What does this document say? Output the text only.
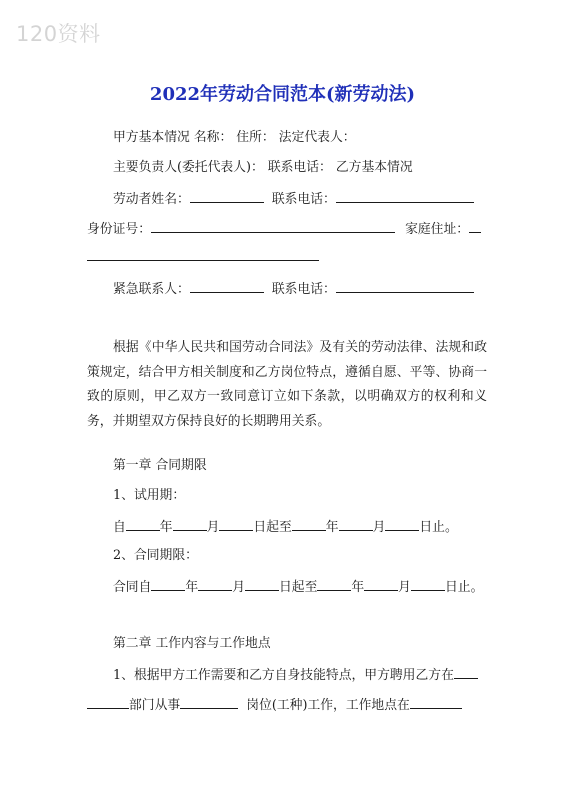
120资料
2022年劳动合同范本(新劳动法)
甲方基本情况 名称： 住所： 法定代表人：
主要负责人(委托代表人)： 联系电话： 乙方基本情况
劳动者姓名：	联系电话：
身份证号：	家庭住址：
紧急联系人：	联系电话：
根据《中华人民共和国劳动合同法》及有关的劳动法律、法规和政策规定，结合甲方相关制度和乙方岗位特点，遵循自愿、平等、协商一致的原则，甲乙双方一致同意订立如下条款，以明确双方的权利和义务，并期望双方保持良好的长期聘用关系。
第一章 合同期限
1、试用期：
自	年	月	日起至	年	月	日止。
2、合同期限：
合同自	年	月	日起至	年	月	日止。
第二章 工作内容与工作地点
1、根据甲方工作需要和乙方自身技能特点，甲方聘用乙方在
部门从事	岗位(工种)工作，工作地点在
